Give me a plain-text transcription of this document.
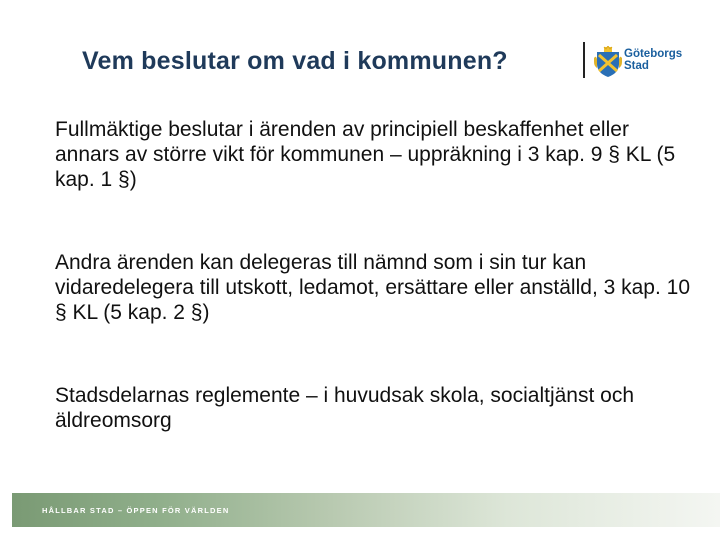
Vem beslutar om vad i kommunen?	Göteborgs
Stad
Fullmäktige beslutar i ärenden av principiell beskaffenhet eller annars av större vikt för kommunen – uppräkning i 3 kap. 9 § KL (5 kap. 1 §)
Andra ärenden kan delegeras till nämnd som i sin tur kan vidaredelegera till utskott, ledamot, ersättare eller anställd, 3 kap. 10 § KL (5 kap. 2 §)
Stadsdelarnas reglemente – i huvudsak skola, socialtjänst och äldreomsorg
HÅLLBAR STAD – ÖPPEN FÖR VÄRLDEN
